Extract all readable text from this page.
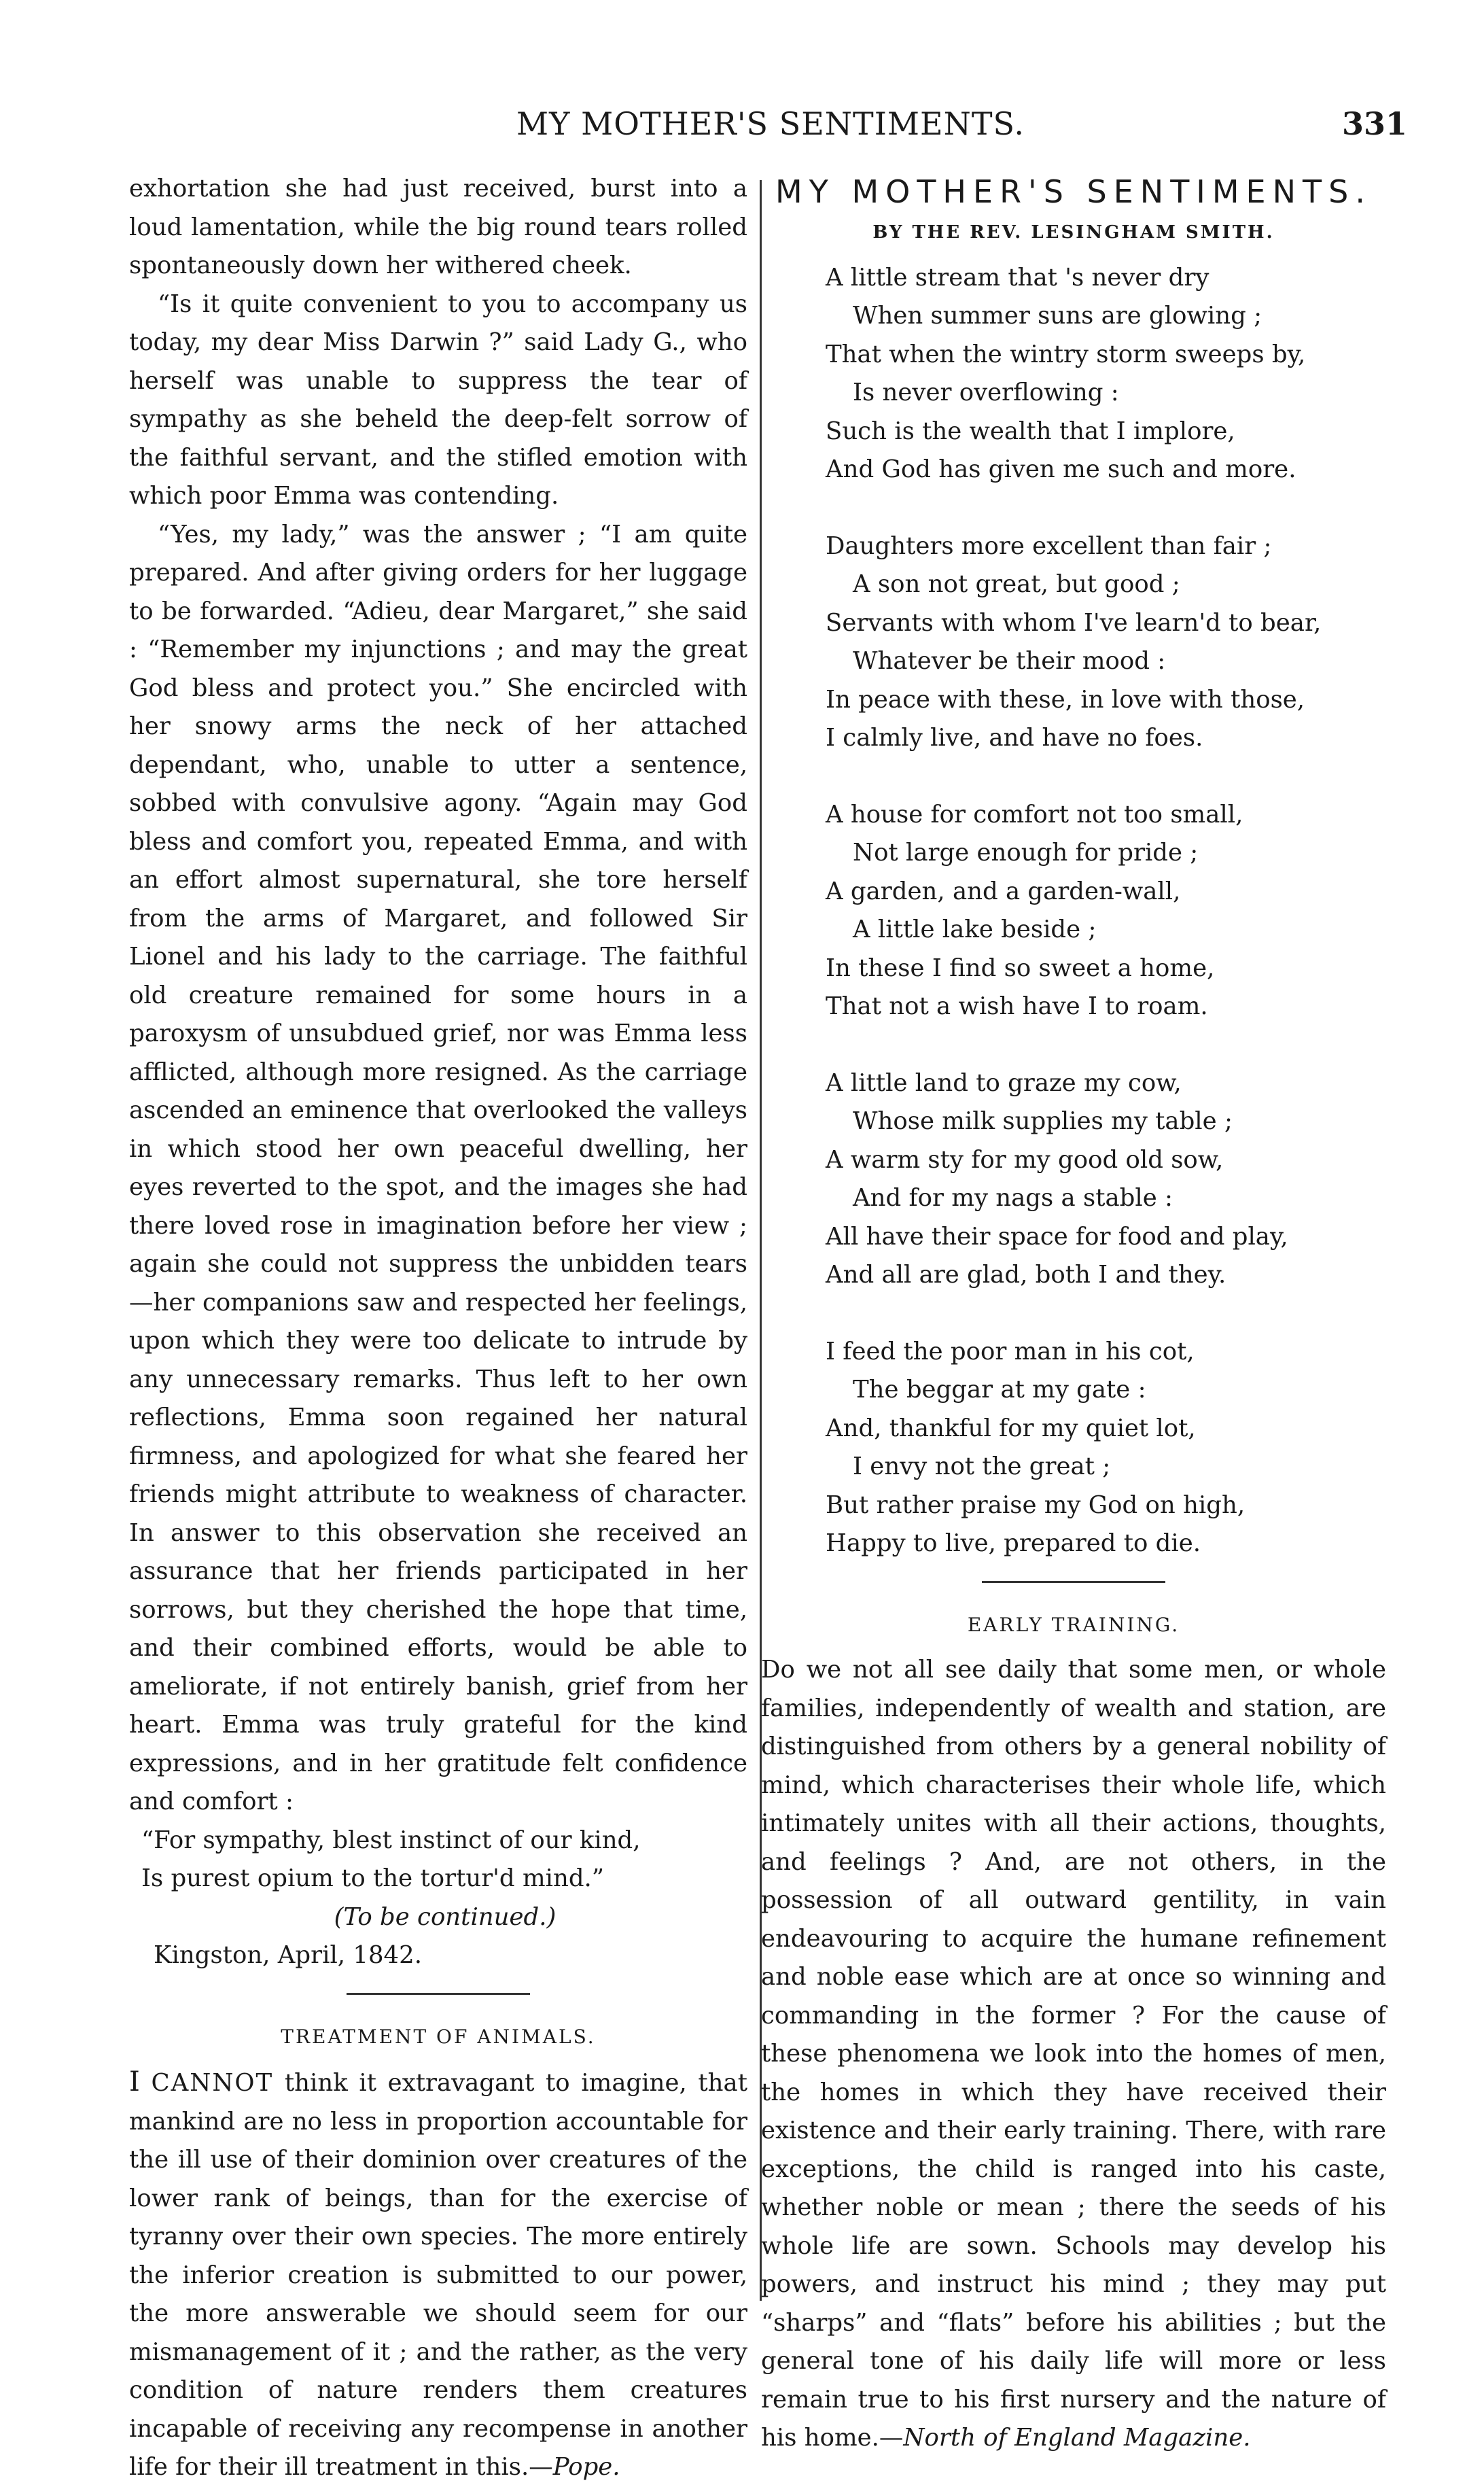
MY MOTHER'S SENTIMENTS.	331

exhortation she had just received, burst into a loud lamentation, while the big round tears rolled spontaneously down her withered cheek.

“Is it quite convenient to you to accompany us today, my dear Miss Darwin ?” said Lady G., who herself was unable to suppress the tear of sympathy as she beheld the deep-felt sorrow of the faithful servant, and the stifled emotion with which poor Emma was contending.

“Yes, my lady,” was the answer ; “I am quite prepared. And after giving orders for her luggage to be forwarded. “Adieu, dear Margaret,” she said : “Remember my injunctions ; and may the great God bless and protect you.” She encircled with her snowy arms the neck of her attached dependant, who, unable to utter a sentence, sobbed with convulsive agony. “Again may God bless and comfort you, repeated Emma, and with an effort almost supernatural, she tore herself from the arms of Margaret, and followed Sir Lionel and his lady to the carriage. The faithful old creature remained for some hours in a paroxysm of unsubdued grief, nor was Emma less afflicted, although more resigned. As the carriage ascended an eminence that overlooked the valleys in which stood her own peaceful dwelling, her eyes reverted to the spot, and the images she had there loved rose in imagination before her view ; again she could not suppress the unbidden tears—her companions saw and respected her feelings, upon which they were too delicate to intrude by any unnecessary remarks. Thus left to her own reflections, Emma soon regained her natural firmness, and apologized for what she feared her friends might attribute to weakness of character. In answer to this observation she received an assurance that her friends participated in her sorrows, but they cherished the hope that time, and their combined efforts, would be able to ameliorate, if not entirely banish, grief from her heart. Emma was truly grateful for the kind expressions, and in her gratitude felt confidence and comfort :

“For sympathy, blest instinct of our kind,
Is purest opium to the tortur'd mind.”

(To be continued.)

Kingston, April, 1842.

TREATMENT OF ANIMALS.

I CANNOT think it extravagant to imagine, that mankind are no less in proportion accountable for the ill use of their dominion over creatures of the lower rank of beings, than for the exercise of tyranny over their own species. The more entirely the inferior creation is submitted to our power, the more answerable we should seem for our mismanagement of it ; and the rather, as the very condition of nature renders them creatures incapable of receiving any recompense in another life for their ill treatment in this.—Pope.

MY MOTHER'S SENTIMENTS.

BY THE REV. LESINGHAM SMITH.

A little stream that 's never dry
When summer suns are glowing ;
That when the wintry storm sweeps by,
Is never overflowing :
Such is the wealth that I implore,
And God has given me such and more.
Daughters more excellent than fair ;
A son not great, but good ;
Servants with whom I've learn'd to bear,
Whatever be their mood :
In peace with these, in love with those,
I calmly live, and have no foes.
A house for comfort not too small,
Not large enough for pride ;
A garden, and a garden-wall,
A little lake beside ;
In these I find so sweet a home,
That not a wish have I to roam.
A little land to graze my cow,
Whose milk supplies my table ;
A warm sty for my good old sow,
And for my nags a stable :
All have their space for food and play,
And all are glad, both I and they.
I feed the poor man in his cot,
The beggar at my gate :
And, thankful for my quiet lot,
I envy not the great ;
But rather praise my God on high,
Happy to live, prepared to die.

EARLY TRAINING.

Do we not all see daily that some men, or whole families, independently of wealth and station, are distinguished from others by a general nobility of mind, which characterises their whole life, which intimately unites with all their actions, thoughts, and feelings ? And, are not others, in the possession of all outward gentility, in vain endeavouring to acquire the humane refinement and noble ease which are at once so winning and commanding in the former ? For the cause of these phenomena we look into the homes of men, the homes in which they have received their existence and their early training. There, with rare exceptions, the child is ranged into his caste, whether noble or mean ; there the seeds of his whole life are sown. Schools may develop his powers, and instruct his mind ; they may put “sharps” and “flats” before his abilities ; but the general tone of his daily life will more or less remain true to his first nursery and the nature of his home.—North of England Magazine.
